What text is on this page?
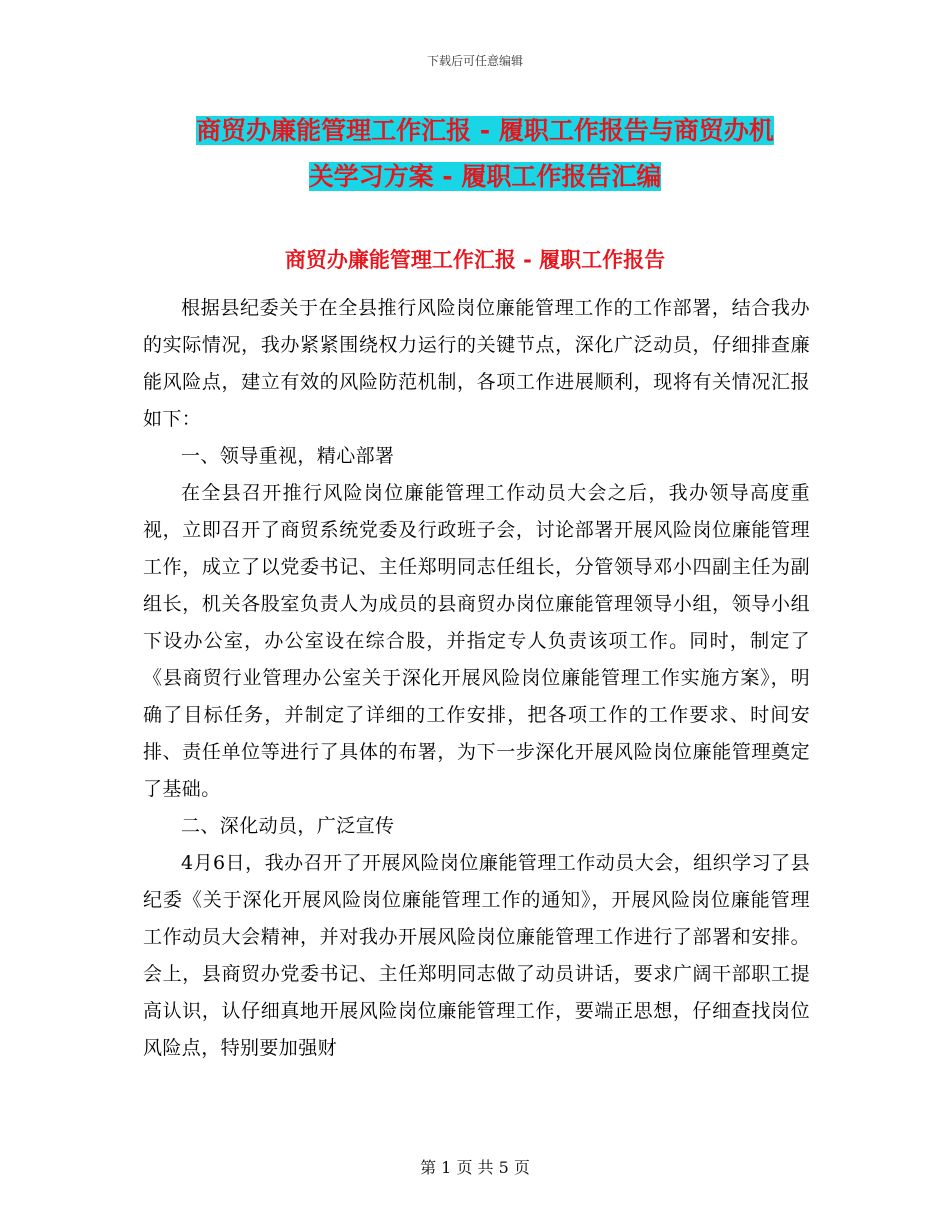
下载后可任意编辑
商贸办廉能管理工作汇报 - 履职工作报告与商贸办机
关学习方案 - 履职工作报告汇编
商贸办廉能管理工作汇报 - 履职工作报告

根据县纪委关于在全县推行风险岗位廉能管理工作的工作部署，结合我办的实际情况，我办紧紧围绕权力运行的关键节点，深化广泛动员，仔细排查廉能风险点，建立有效的风险防范机制，各项工作进展顺利，现将有关情况汇报如下：

一、领导重视，精心部署

在全县召开推行风险岗位廉能管理工作动员大会之后，我办领导高度重视，立即召开了商贸系统党委及行政班子会，讨论部署开展风险岗位廉能管理工作，成立了以党委书记、主任郑明同志任组长，分管领导邓小四副主任为副组长，机关各股室负责人为成员的县商贸办岗位廉能管理领导小组，领导小组下设办公室，办公室设在综合股，并指定专人负责该项工作。同时，制定了《县商贸行业管理办公室关于深化开展风险岗位廉能管理工作实施方案》，明确了目标任务，并制定了详细的工作安排，把各项工作的工作要求、时间安排、责任单位等进行了具体的布署，为下一步深化开展风险岗位廉能管理奠定了基础。

二、深化动员，广泛宣传

4月6日，我办召开了开展风险岗位廉能管理工作动员大会，组织学习了县纪委《关于深化开展风险岗位廉能管理工作的通知》，开展风险岗位廉能管理工作动员大会精神，并对我办开展风险岗位廉能管理工作进行了部署和安排。会上，县商贸办党委书记、主任郑明同志做了动员讲话，要求广阔干部职工提高认识，认仔细真地开展风险岗位廉能管理工作，要端正思想，仔细查找岗位风险点，特别要加强财

第 1 页 共 5 页
